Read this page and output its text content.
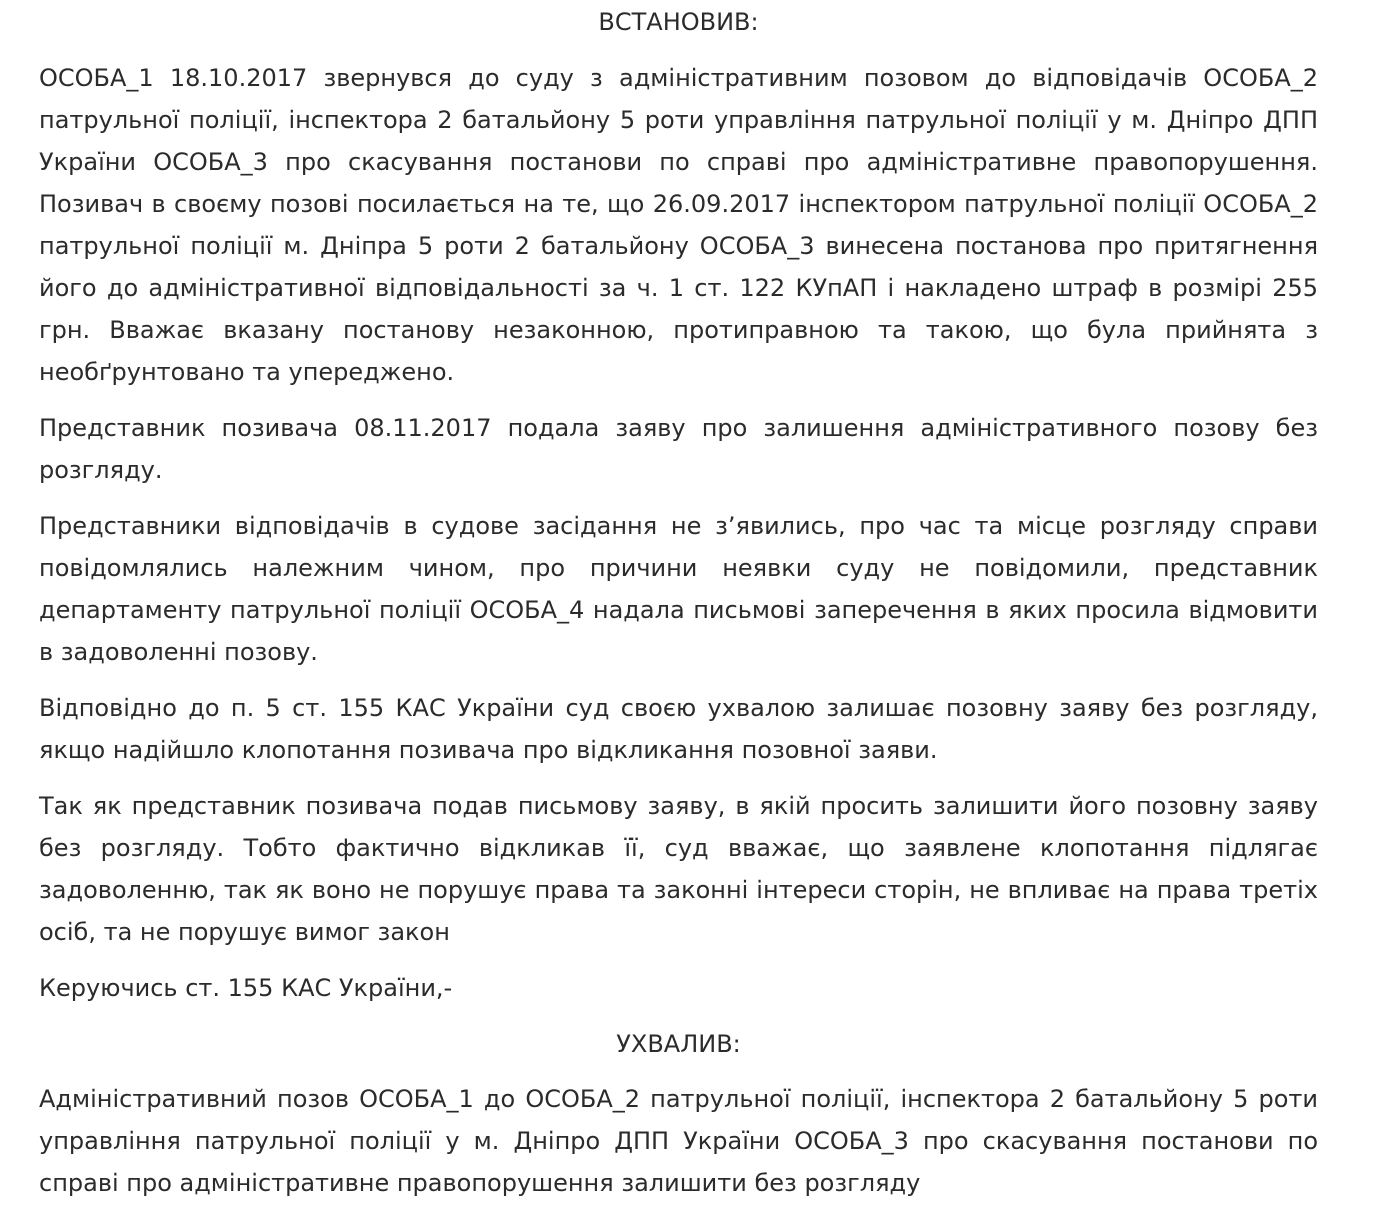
ВСТАНОВИВ:

ОСОБА_1 18.10.2017 звернувся до суду з адміністративним позовом до відповідачів ОСОБА_2 патрульної поліції, інспектора 2 батальйону 5 роти управління патрульної поліції у м. Дніпро ДПП України ОСОБА_3 про скасування постанови по справі про адміністративне правопорушення. Позивач в своєму позові посилається на те, що 26.09.2017 інспектором патрульної поліції ОСОБА_2 патрульної поліції м. Дніпра 5 роти 2 батальйону ОСОБА_3 винесена постанова про притягнення його до адміністративної відповідальності за ч. 1 ст. 122 КУпАП і накладено штраф в розмірі 255 грн. Вважає вказану постанову незаконною, протиправною та такою, що була прийнята з необґрунтовано та упереджено.

Представник позивача 08.11.2017 подала заяву про залишення адміністративного позову без розгляду.

Представники відповідачів в судове засідання не з’явились, про час та місце розгляду справи повідомлялись належним чином, про причини неявки суду не повідомили, представник департаменту патрульної поліції ОСОБА_4 надала письмові заперечення в яких просила відмовити в задоволенні позову.

Відповідно до п. 5 ст. 155 КАС України суд своєю ухвалою залишає позовну заяву без розгляду, якщо надійшло клопотання позивача про відкликання позовної заяви.

Так як представник позивача подав письмову заяву, в якій просить залишити його позовну заяву без розгляду. Тобто фактично відкликав її, суд вважає, що заявлене клопотання підлягає задоволенню, так як воно не порушує права та законні інтереси сторін, не впливає на права третіх осіб, та не порушує вимог закон

Керуючись ст. 155 КАС України,-

УХВАЛИВ:

Адміністративний позов ОСОБА_1 до ОСОБА_2 патрульної поліції, інспектора 2 батальйону 5 роти управління патрульної поліції у м. Дніпро ДПП України ОСОБА_3 про скасування постанови по справі про адміністративне правопорушення залишити без розгляду
